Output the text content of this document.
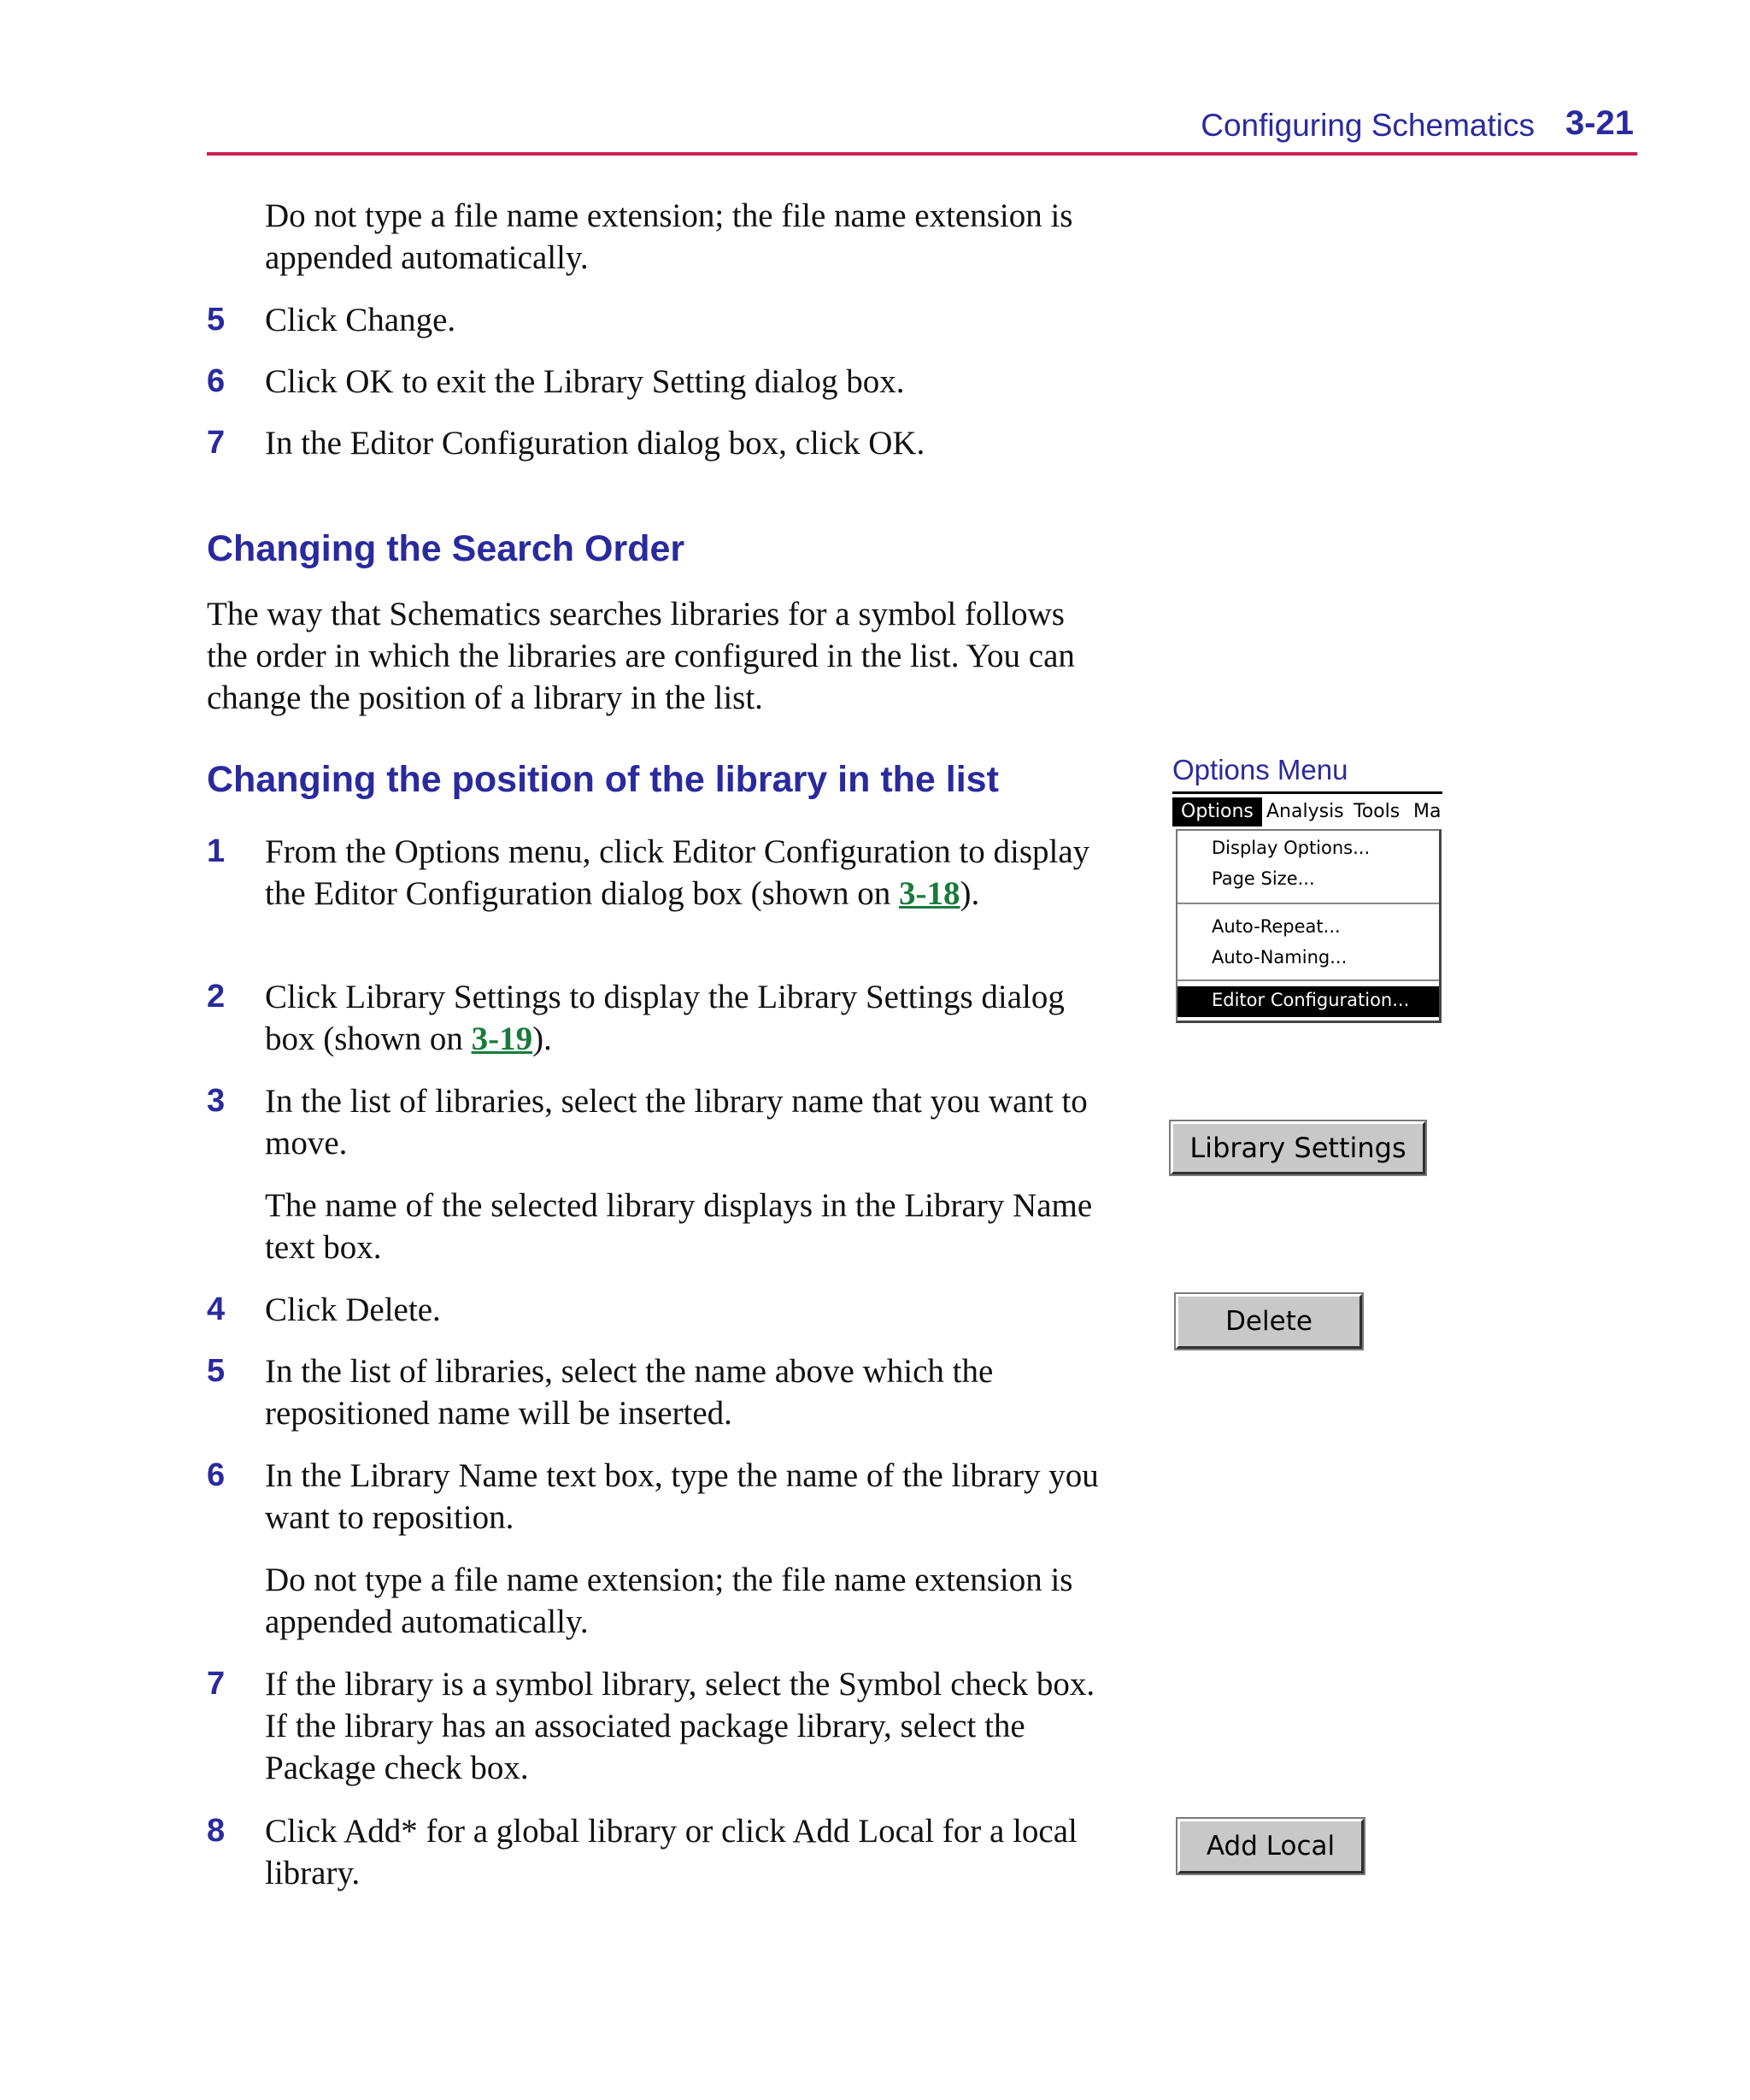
Configuring Schematics 3-21
Do not type a file name extension; the file name extension is appended automatically.
5 Click Change.
6 Click OK to exit the Library Setting dialog box.
7 In the Editor Configuration dialog box, click OK.
Changing the Search Order
The way that Schematics searches libraries for a symbol follows the order in which the libraries are configured in the list. You can change the position of a library in the list.
Changing the position of the library in the list
1 From the Options menu, click Editor Configuration to display the Editor Configuration dialog box (shown on 3-18).
2 Click Library Settings to display the Library Settings dialog box (shown on 3-19).
3 In the list of libraries, select the library name that you want to move.
The name of the selected library displays in the Library Name text box.
4 Click Delete.
5 In the list of libraries, select the name above which the repositioned name will be inserted.
6 In the Library Name text box, type the name of the library you want to reposition.
Do not type a file name extension; the file name extension is appended automatically.
7 If the library is a symbol library, select the Symbol check box. If the library has an associated package library, select the Package check box.
8 Click Add* for a global library or click Add Local for a local library.
Options Menu
Options Analysis Tools Ma
Display Options...
Page Size...
Auto-Repeat...
Auto-Naming...
Editor Configuration...
Library Settings
Delete
Add Local
